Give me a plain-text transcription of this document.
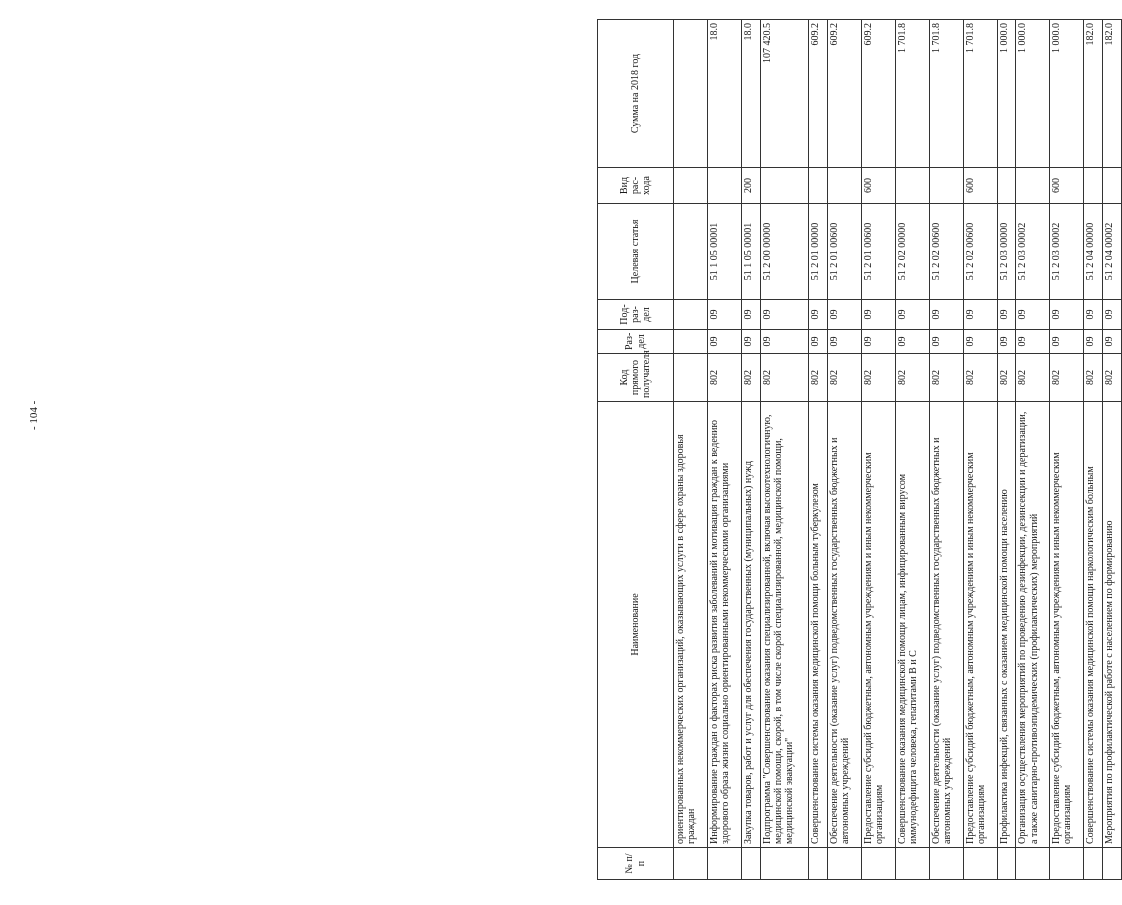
- 104 -
№ п/п	Наименование	Код прямого получателя	Раз-дел	Под-раз-дел	Целевая статья	Вид рас-хода	Сумма на 2018 год
	ориентированных некоммерческих организаций, оказывающих услуги в сфере охраны здоровья граждан						
	Информирование граждан о факторах риска развития заболеваний и мотивация граждан к ведению здорового образа жизни социально ориентированными некоммерческими организациями	802	09	09	51 1 05 00001		18.0
	Закупка товаров, работ и услуг для обеспечения государственных (муниципальных) нужд	802	09	09	51 1 05 00001	200	18.0
	Подпрограмма "Совершенствование оказания специализированной, включая высокотехнологичную, медицинской помощи, скорой, в том числе скорой специализированной, медицинской помощи, медицинской эвакуации"	802	09	09	51 2 00 00000		107 420.5
	Совершенствование системы оказания медицинской помощи больным туберкулезом	802	09	09	51 2 01 00000		609.2
	Обеспечение деятельности (оказание услуг) подведомственных государственных бюджетных и автономных учреждений	802	09	09	51 2 01 00600		609.2
	Предоставление субсидий бюджетным, автономным учреждениям и иным некоммерческим организациям	802	09	09	51 2 01 00600	600	609.2
	Совершенствование оказания медицинской помощи лицам, инфицированным вирусом иммунодефицита человека, гепатитами В и С	802	09	09	51 2 02 00000		1 701.8
	Обеспечение деятельности (оказание услуг) подведомственных государственных бюджетных и автономных учреждений	802	09	09	51 2 02 00600		1 701.8
	Предоставление субсидий бюджетным, автономным учреждениям и иным некоммерческим организациям	802	09	09	51 2 02 00600	600	1 701.8
	Профилактика инфекций, связанных с оказанием медицинской помощи населению	802	09	09	51 2 03 00000		1 000.0
	Организация осуществления мероприятий по проведению дезинфекции, дезинсекции и дератизации, а также санитарно-противоэпидемических (профилактических) мероприятий	802	09	09	51 2 03 00002		1 000.0
	Предоставление субсидий бюджетным, автономным учреждениям и иным некоммерческим организациям	802	09	09	51 2 03 00002	600	1 000.0
	Совершенствование системы оказания медицинской помощи наркологическим больным	802	09	09	51 2 04 00000		182.0
	Мероприятия по профилактической работе с населением по формированию	802	09	09	51 2 04 00002		182.0
